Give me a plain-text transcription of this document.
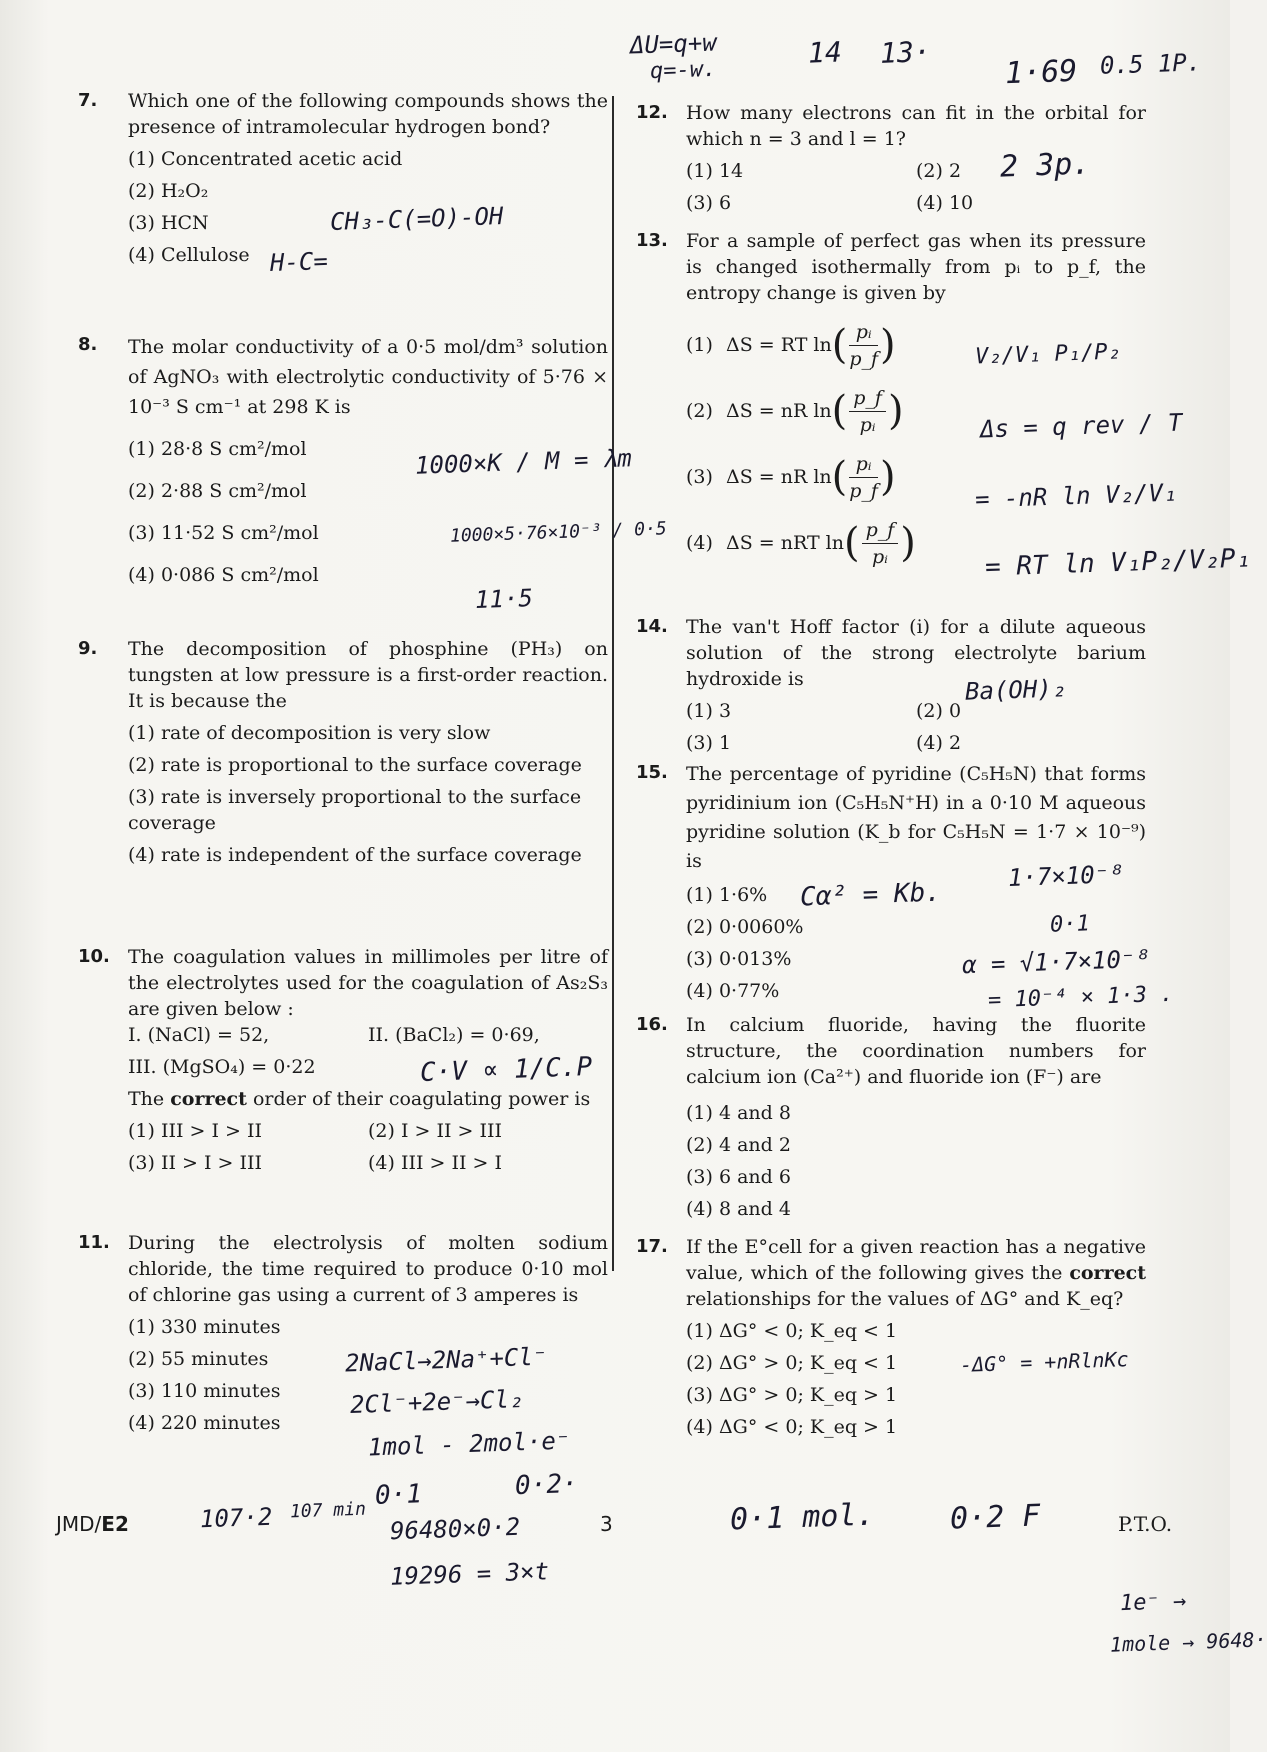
7. Which one of the following compounds shows the presence of intramolecular hydrogen bond?
(1) Concentrated acetic acid
(2) H₂O₂
(3) HCN
(4) Cellulose
8. The molar conductivity of a 0·5 mol/dm³ solution of AgNO₃ with electrolytic conductivity of 5·76 × 10⁻³ S cm⁻¹ at 298 K is
(1) 28·8 S cm²/mol
(2) 2·88 S cm²/mol
(3) 11·52 S cm²/mol
(4) 0·086 S cm²/mol
9. The decomposition of phosphine (PH₃) on tungsten at low pressure is a first-order reaction. It is because the
(1) rate of decomposition is very slow
(2) rate is proportional to the surface coverage
(3) rate is inversely proportional to the surface coverage
(4) rate is independent of the surface coverage
10. The coagulation values in millimoles per litre of the electrolytes used for the coagulation of As₂S₃ are given below :
I. (NaCl) = 52,	II. (BaCl₂) = 0·69,
III. (MgSO₄) = 0·22
The correct order of their coagulating power is
(1) III > I > II	(2) I > II > III
(3) II > I > III	(4) III > II > I
11. During the electrolysis of molten sodium chloride, the time required to produce 0·10 mol of chlorine gas using a current of 3 amperes is
(1) 330 minutes
(2) 55 minutes
(3) 110 minutes
(4) 220 minutes
12. How many electrons can fit in the orbital for which n = 3 and l = 1?
(1) 14	(2) 2
(3) 6	(4) 10
13. For a sample of perfect gas when its pressure is changed isothermally from pᵢ to p_f, the entropy change is given by
(1) ΔS = RT ln ( $\frac{\text{pᵢ}}{p\_f}$ )
(2) ΔS = nR ln ( $\frac{p\_f}{\text{pᵢ}}$ )
(3) ΔS = nR ln ( $\frac{\text{pᵢ}}{p\_f}$ )
(4) ΔS = nRT ln ( $\frac{p\_f}{\text{pᵢ}}$ )
14. The van't Hoff factor (i) for a dilute aqueous solution of the strong electrolyte barium hydroxide is
(1) 3	(2) 0
(3) 1	(4) 2
15. The percentage of pyridine (C₅H₅N) that forms pyridinium ion (C₅H₅N⁺H) in a 0·10 M aqueous pyridine solution (K_b for C₅H₅N = 1·7 × 10⁻⁹) is
(1) 1·6%
(2) 0·0060%
(3) 0·013%
(4) 0·77%
16. In calcium fluoride, having the fluorite structure, the coordination numbers for calcium ion (Ca²⁺) and fluoride ion (F⁻) are
(1) 4 and 8
(2) 4 and 2
(3) 6 and 6
(4) 8 and 4
17. If the E°cell for a given reaction has a negative value, which of the following gives the correct relationships for the values of ΔG° and K_eq?
(1) ΔG° < 0; K_eq < 1
(2) ΔG° > 0; K_eq < 1
(3) ΔG° > 0; K_eq > 1
(4) ΔG° < 0; K_eq > 1
JMD/E2	3	P.T.O.
ΔU=q+w
q=-w.
14 13·
1·69 0.5 1P.
CH₃-C(=O)-OH
H-C=
2 3p.
Δs = q rev / T
= -nR ln V₂/V₁
= RT ln V₁P₂/V₂P₁
V₂/V₁ P₁/P₂
1000×K / M = λm
1000×5·76×10⁻³ / 0·5
11·5
Ba(OH)₂
Cα² = Kb.
1·7×10⁻⁸
0·1
α = √1·7×10⁻⁸
= 10⁻⁴ × 1·3 .
C·V ∝ 1/C.P
2NaCl→2Na⁺+Cl⁻
2Cl⁻+2e⁻→Cl₂
1mol - 2mol·e⁻
0·1	0·2·
96480×0·2
19296 = 3×t
107·2 107 min
-ΔG° = +nRlnKc
0·1 mol. 0·2 F
1e⁻ →
1mole → 9648·
